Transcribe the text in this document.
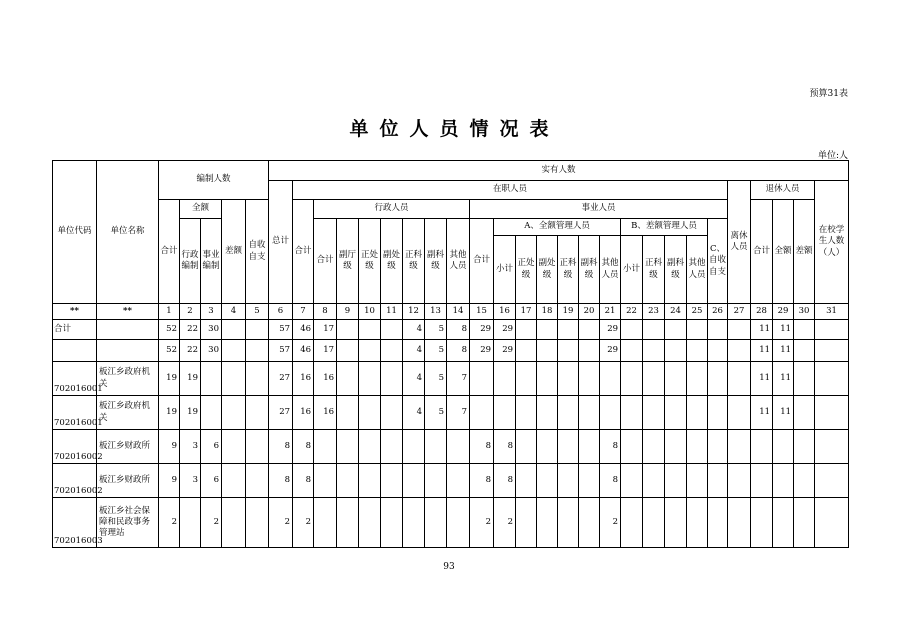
预算31表
单位人员情况表
单位:人
单位代码	单位名称	编制人数					实有人数																									
							总计	在职人员																				离休人员	退休人员			在校学生人数（人）
		合计	全额		差额	自收自支		合计	行政人员							事业人员													合计	全额	差额	
			行政编制	事业编制					合计	副厅级	正处级	副处级	正科级	副科级	其他人员	合计	A、全额管理人员						B、差额管理人员				C、自收自支					
																	小计	正处级	副处级	正科级	副科级	其他人员	小计	正科级	副科级	其他人员						
**	**	1	2	3	4	5	6	7	8	9	10	11	12	13	14	15	16	17	18	19	20	21	22	23	24	25	26	27	28	29	30	31
合计		52	22	30			57	46	17				4	5	8	29	29					29							11	11		
		52	22	30			57	46	17				4	5	8	29	29					29							11	11		
702016001	板江乡政府机关	19	19				27	16	16				4	5	7														11	11		
702016001	板江乡政府机关	19	19				27	16	16				4	5	7														11	11		
702016002	板江乡财政所	9	3	6			8	8								8	8					8										
702016002	板江乡财政所	9	3	6			8	8								8	8					8										
702016003	板江乡社会保障和民政事务管理站	2		2			2	2								2	2					2										
93
